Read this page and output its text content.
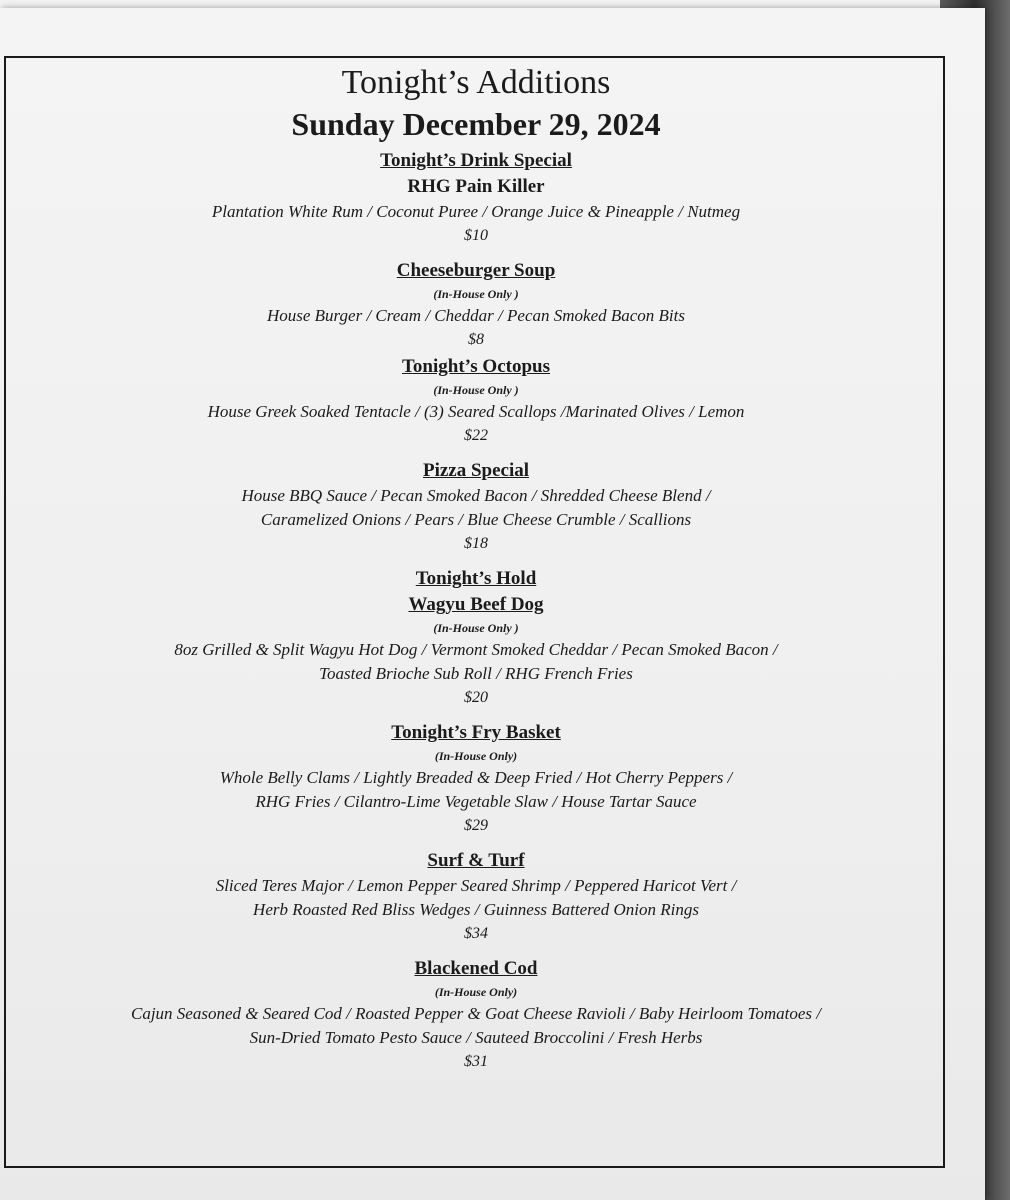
Tonight’s Additions
Sunday December 29, 2024

Tonight’s Drink Special

RHG Pain Killer

Plantation White Rum / Coconut Puree / Orange Juice & Pineapple / Nutmeg

$10

Cheeseburger Soup

(In-House Only )

House Burger / Cream / Cheddar / Pecan Smoked Bacon Bits

$8

Tonight’s Octopus

(In-House Only )

House Greek Soaked Tentacle / (3) Seared Scallops /Marinated Olives / Lemon

$22

Pizza Special

House BBQ Sauce / Pecan Smoked Bacon / Shredded Cheese Blend /

Caramelized Onions / Pears / Blue Cheese Crumble / Scallions

$18

Tonight’s Hold

Wagyu Beef Dog

(In-House Only )

8oz Grilled & Split Wagyu Hot Dog / Vermont Smoked Cheddar / Pecan Smoked Bacon /

Toasted Brioche Sub Roll / RHG French Fries

$20

Tonight’s Fry Basket

(In-House Only)

Whole Belly Clams / Lightly Breaded & Deep Fried / Hot Cherry Peppers /

RHG Fries / Cilantro-Lime Vegetable Slaw / House Tartar Sauce

$29

Surf & Turf

Sliced Teres Major / Lemon Pepper Seared Shrimp / Peppered Haricot Vert /

Herb Roasted Red Bliss Wedges / Guinness Battered Onion Rings

$34

Blackened Cod

(In-House Only)

Cajun Seasoned & Seared Cod / Roasted Pepper & Goat Cheese Ravioli / Baby Heirloom Tomatoes /

Sun-Dried Tomato Pesto Sauce / Sauteed Broccolini / Fresh Herbs

$31
